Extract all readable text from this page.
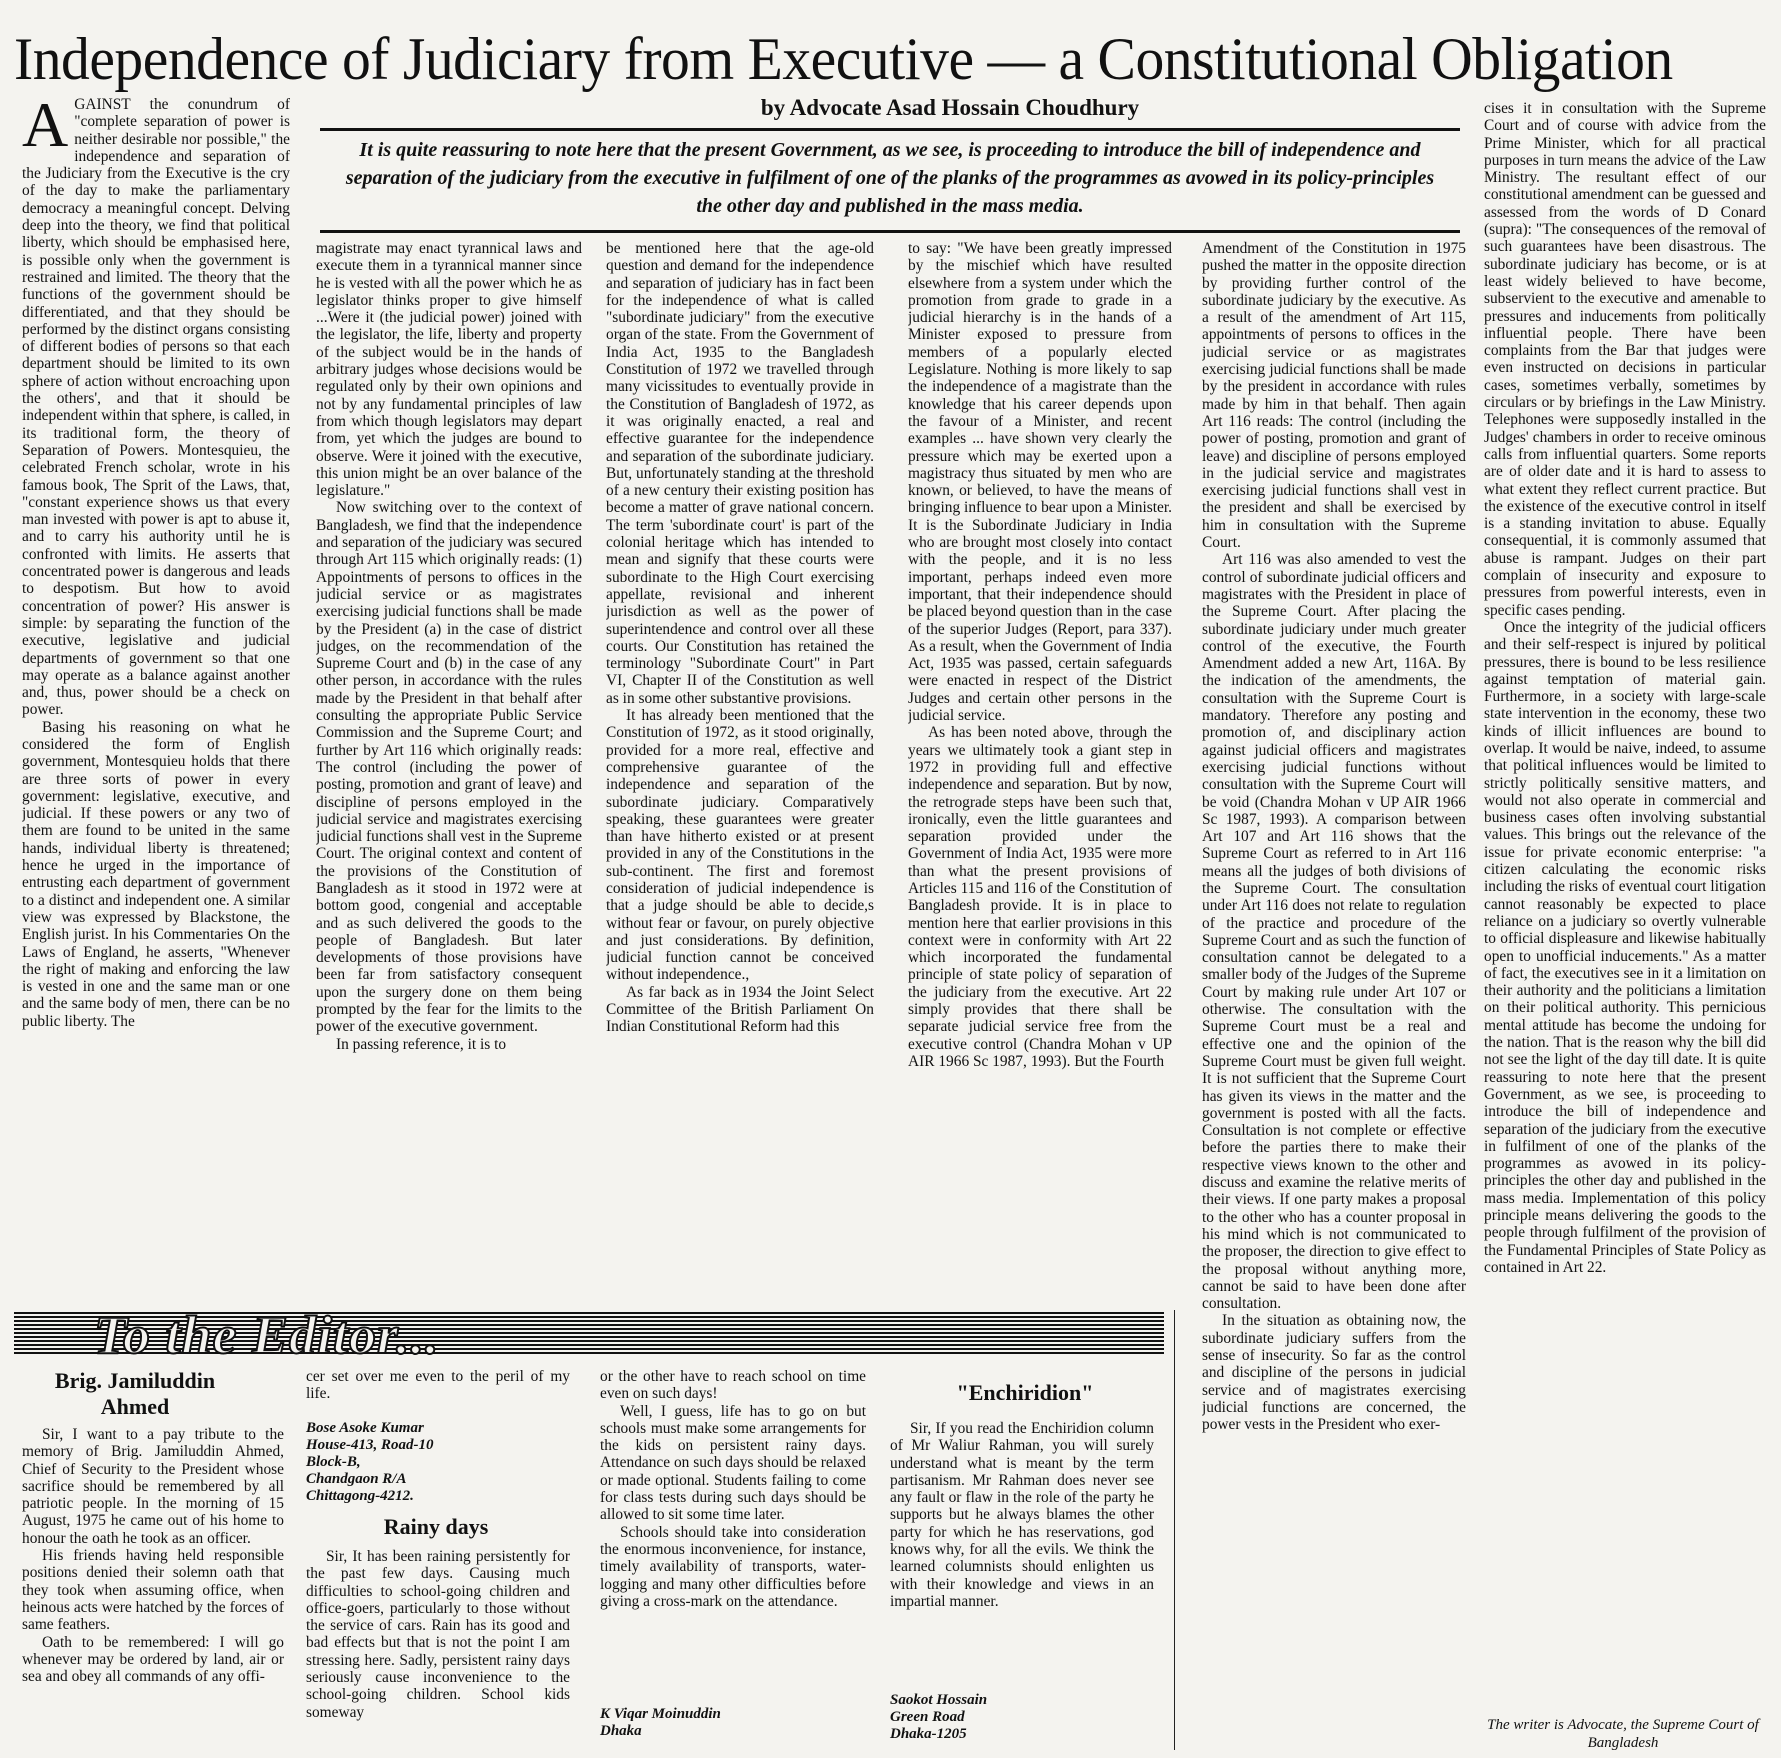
Independence of Judiciary from Executive — a Constitutional Obligation
by Advocate Asad Hossain Choudhury
It is quite reassuring to note here that the present Government, as we see, is proceeding to introduce the bill of independence and separation of the judiciary from the executive in fulfilment of one of the planks of the programmes as avowed in its policy-principles the other day and published in the mass media.
A GAINST the conundrum of "complete separation of power is neither desirable nor possible," the independence and separation of the Judiciary from the Executive is the cry of the day to make the parliamentary democracy a meaningful concept. Delving deep into the theory, we find that political liberty, which should be emphasised here, is possible only when the government is restrained and limited. The theory that the functions of the government should be differentiated, and that they should be performed by the distinct organs consisting of different bodies of persons so that each department should be limited to its own sphere of action without encroaching upon the others', and that it should be independent within that sphere, is called, in its traditional form, the theory of Separation of Powers. Montesquieu, the celebrated French scholar, wrote in his famous book, The Sprit of the Laws, that, "constant experience shows us that every man invested with power is apt to abuse it, and to carry his authority until he is confronted with limits. He asserts that concentrated power is dangerous and leads to despotism. But how to avoid concentration of power? His answer is simple: by separating the function of the executive, legislative and judicial departments of government so that one may operate as a balance against another and, thus, power should be a check on power.

Basing his reasoning on what he considered the form of English government, Montesquieu holds that there are three sorts of power in every government: legislative, executive, and judicial. If these powers or any two of them are found to be united in the same hands, individual liberty is threatened; hence he urged in the importance of entrusting each department of government to a distinct and independent one. A similar view was expressed by Blackstone, the English jurist. In his Commentaries On the Laws of England, he asserts, "Whenever the right of making and enforcing the law is vested in one and the same man or one and the same body of men, there can be no public liberty. The

magistrate may enact tyrannical laws and execute them in a tyrannical manner since he is vested with all the power which he as legislator thinks proper to give himself ...Were it (the judicial power) joined with the legislator, the life, liberty and property of the subject would be in the hands of arbitrary judges whose decisions would be regulated only by their own opinions and not by any fundamental principles of law from which though legislators may depart from, yet which the judges are bound to observe. Were it joined with the executive, this union might be an over balance of the legislature."

Now switching over to the context of Bangladesh, we find that the independence and separation of the judiciary was secured through Art 115 which originally reads: (1) Appointments of persons to offices in the judicial service or as magistrates exercising judicial functions shall be made by the President (a) in the case of district judges, on the recommendation of the Supreme Court and (b) in the case of any other person, in accordance with the rules made by the President in that behalf after consulting the appropriate Public Service Commission and the Supreme Court; and further by Art 116 which originally reads: The control (including the power of posting, promotion and grant of leave) and discipline of persons employed in the judicial service and magistrates exercising judicial functions shall vest in the Supreme Court. The original context and content of the provisions of the Constitution of Bangladesh as it stood in 1972 were at bottom good, congenial and acceptable and as such delivered the goods to the people of Bangladesh. But later developments of those provisions have been far from satisfactory consequent upon the surgery done on them being prompted by the fear for the limits to the power of the executive government.

In passing reference, it is to

be mentioned here that the age-old question and demand for the independence and separation of judiciary has in fact been for the independence of what is called "subordinate judiciary" from the executive organ of the state. From the Government of India Act, 1935 to the Bangladesh Constitution of 1972 we travelled through many vicissitudes to eventually provide in the Constitution of Bangladesh of 1972, as it was originally enacted, a real and effective guarantee for the independence and separation of the subordinate judiciary. But, unfortunately standing at the threshold of a new century their existing position has become a matter of grave national concern. The term 'subordinate court' is part of the colonial heritage which has intended to mean and signify that these courts were subordinate to the High Court exercising appellate, revisional and inherent jurisdiction as well as the power of superintendence and control over all these courts. Our Constitution has retained the terminology "Subordinate Court" in Part VI, Chapter II of the Constitution as well as in some other substantive provisions.

It has already been mentioned that the Constitution of 1972, as it stood originally, provided for a more real, effective and comprehensive guarantee of the independence and separation of the subordinate judiciary. Comparatively speaking, these guarantees were greater than have hitherto existed or at present provided in any of the Constitutions in the sub-continent. The first and foremost consideration of judicial independence is that a judge should be able to decide,s without fear or favour, on purely objective and just considerations. By definition, judicial function cannot be conceived without independence.,

As far back as in 1934 the Joint Select Committee of the British Parliament On Indian Constitutional Reform had this

to say: "We have been greatly impressed by the mischief which have resulted elsewhere from a system under which the promotion from grade to grade in a judicial hierarchy is in the hands of a Minister exposed to pressure from members of a popularly elected Legislature. Nothing is more likely to sap the independence of a magistrate than the knowledge that his career depends upon the favour of a Minister, and recent examples ... have shown very clearly the pressure which may be exerted upon a magistracy thus situated by men who are known, or believed, to have the means of bringing influence to bear upon a Minister. It is the Subordinate Judiciary in India who are brought most closely into contact with the people, and it is no less important, perhaps indeed even more important, that their independence should be placed beyond question than in the case of the superior Judges (Report, para 337). As a result, when the Government of India Act, 1935 was passed, certain safeguards were enacted in respect of the District Judges and certain other persons in the judicial service.

As has been noted above, through the years we ultimately took a giant step in 1972 in providing full and effective independence and separation. But by now, the retrograde steps have been such that, ironically, even the little guarantees and separation provided under the Government of India Act, 1935 were more than what the present provisions of Articles 115 and 116 of the Constitution of Bangladesh provide. It is in place to mention here that earlier provisions in this context were in conformity with Art 22 which incorporated the fundamental principle of state policy of separation of the judiciary from the executive. Art 22 simply provides that there shall be separate judicial service free from the executive control (Chandra Mohan v UP AIR 1966 Sc 1987, 1993). But the Fourth

Amendment of the Constitution in 1975 pushed the matter in the opposite direction by providing further control of the subordinate judiciary by the executive. As a result of the amendment of Art 115, appointments of persons to offices in the judicial service or as magistrates exercising judicial functions shall be made by the president in accordance with rules made by him in that behalf. Then again Art 116 reads: The control (including the power of posting, promotion and grant of leave) and discipline of persons employed in the judicial service and magistrates exercising judicial functions shall vest in the president and shall be exercised by him in consultation with the Supreme Court.

Art 116 was also amended to vest the control of subordinate judicial officers and magistrates with the President in place of the Supreme Court. After placing the subordinate judiciary under much greater control of the executive, the Fourth Amendment added a new Art, 116A. By the indication of the amendments, the consultation with the Supreme Court is mandatory. Therefore any posting and promotion of, and disciplinary action against judicial officers and magistrates exercising judicial functions without consultation with the Supreme Court will be void (Chandra Mohan v UP AIR 1966 Sc 1987, 1993). A comparison between Art 107 and Art 116 shows that the Supreme Court as referred to in Art 116 means all the judges of both divisions of the Supreme Court. The consultation under Art 116 does not relate to regulation of the practice and procedure of the Supreme Court and as such the function of consultation cannot be delegated to a smaller body of the Judges of the Supreme Court by making rule under Art 107 or otherwise. The consultation with the Supreme Court must be a real and effective one and the opinion of the Supreme Court must be given full weight. It is not sufficient that the Supreme Court has given its views in the matter and the government is posted with all the facts. Consultation is not complete or effective before the parties there to make their respective views known to the other and discuss and examine the relative merits of their views. If one party makes a proposal to the other who has a counter proposal in his mind which is not communicated to the proposer, the direction to give effect to the proposal without anything more, cannot be said to have been done after consultation.

In the situation as obtaining now, the subordinate judiciary suffers from the sense of insecurity. So far as the control and discipline of the persons in judicial service and of magistrates exercising judicial functions are concerned, the power vests in the President who exer-

cises it in consultation with the Supreme Court and of course with advice from the Prime Minister, which for all practical purposes in turn means the advice of the Law Ministry. The resultant effect of our constitutional amendment can be guessed and assessed from the words of D Conard (supra): "The consequences of the removal of such guarantees have been disastrous. The subordinate judiciary has become, or is at least widely believed to have become, subservient to the executive and amenable to pressures and inducements from politically influential people. There have been complaints from the Bar that judges were even instructed on decisions in particular cases, sometimes verbally, sometimes by circulars or by briefings in the Law Ministry. Telephones were supposedly installed in the Judges' chambers in order to receive ominous calls from influential quarters. Some reports are of older date and it is hard to assess to what extent they reflect current practice. But the existence of the executive control in itself is a standing invitation to abuse. Equally consequential, it is commonly assumed that abuse is rampant. Judges on their part complain of insecurity and exposure to pressures from powerful interests, even in specific cases pending.

Once the integrity of the judicial officers and their self-respect is injured by political pressures, there is bound to be less resilience against temptation of material gain. Furthermore, in a society with large-scale state intervention in the economy, these two kinds of illicit influences are bound to overlap. It would be naive, indeed, to assume that political influences would be limited to strictly politically sensitive matters, and would not also operate in commercial and business cases often involving substantial values. This brings out the relevance of the issue for private economic enterprise: "a citizen calculating the economic risks including the risks of eventual court litigation cannot reasonably be expected to place reliance on a judiciary so overtly vulnerable to official displeasure and likewise habitually open to unofficial inducements." As a matter of fact, the executives see in it a limitation on their authority and the politicians a limitation on their political authority. This pernicious mental attitude has become the undoing for the nation. That is the reason why the bill did not see the light of the day till date. It is quite reassuring to note here that the present Government, as we see, is proceeding to introduce the bill of independence and separation of the judiciary from the executive in fulfilment of one of the planks of the programmes as avowed in its policy-principles the other day and published in the mass media. Implementation of this policy principle means delivering the goods to the people through fulfilment of the provision of the Fundamental Principles of State Policy as contained in Art 22.

The writer is Advocate, the Supreme Court of Bangladesh
To the Editor...
Brig. Jamiluddin Ahmed

Sir, I want to a pay tribute to the memory of Brig. Jamiluddin Ahmed, Chief of Security to the President whose sacrifice should be remembered by all patriotic people. In the morning of 15 August, 1975 he came out of his home to honour the oath he took as an officer.

His friends having held responsible positions denied their solemn oath that they took when assuming office, when heinous acts were hatched by the forces of same feathers.

Oath to be remembered: I will go whenever may be ordered by land, air or sea and obey all commands of any offi-

cer set over me even to the peril of my life.

Bose Asoke Kumar

House-413, Road-10

Block-B,

Chandgaon R/A

Chittagong-4212.

Rainy days

Sir, It has been raining persistently for the past few days. Causing much difficulties to school-going children and office-goers, particularly to those without the service of cars. Rain has its good and bad effects but that is not the point I am stressing here. Sadly, persistent rainy days seriously cause inconvenience to the school-going children. School kids someway

or the other have to reach school on time even on such days!

Well, I guess, life has to go on but schools must make some arrangements for the kids on persistent rainy days. Attendance on such days should be relaxed or made optional. Students failing to come for class tests during such days should be allowed to sit some time later.

Schools should take into consideration the enormous inconvenience, for instance, timely availability of transports, water-logging and many other difficulties before giving a cross-mark on the attendance.

K Viqar Moinuddin

Dhaka

"Enchiridion"

Sir, If you read the Enchiridion column of Mr Waliur Rahman, you will surely understand what is meant by the term partisanism. Mr Rahman does never see any fault or flaw in the role of the party he supports but he always blames the other party for which he has reservations, god knows why, for all the evils. We think the learned columnists should enlighten us with their knowledge and views in an impartial manner.

Saokot Hossain

Green Road

Dhaka-1205
